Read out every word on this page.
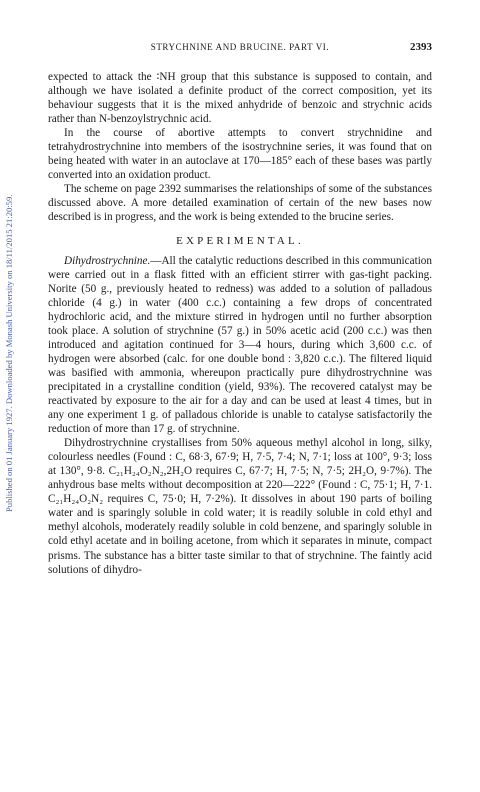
STRYCHNINE AND BRUCINE. PART VI.	2393
Published on 01 January 1927. Downloaded by Monash University on 18/11/2015 21:20:59.

expected to attack the ∶NH group that this substance is supposed to contain, and although we have isolated a definite product of the correct composition, yet its behaviour suggests that it is the mixed anhydride of benzoic and strychnic acids rather than N-benzoylstrychnic acid.

In the course of abortive attempts to convert strychnidine and tetrahydrostrychnine into members of the isostrychnine series, it was found that on being heated with water in an autoclave at 170—185° each of these bases was partly converted into an oxidation product.

The scheme on page 2392 summarises the relationships of some of the substances discussed above. A more detailed examination of certain of the new bases now described is in progress, and the work is being extended to the brucine series.

EXPERIMENTAL.

Dihydrostrychnine.—All the catalytic reductions described in this communication were carried out in a flask fitted with an efficient stirrer with gas-tight packing. Norite (50 g., previously heated to redness) was added to a solution of palladous chloride (4 g.) in water (400 c.c.) containing a few drops of concentrated hydrochloric acid, and the mixture stirred in hydrogen until no further absorption took place. A solution of strychnine (57 g.) in 50% acetic acid (200 c.c.) was then introduced and agitation continued for 3—4 hours, during which 3,600 c.c. of hydrogen were absorbed (calc. for one double bond : 3,820 c.c.). The filtered liquid was basified with ammonia, whereupon practically pure dihydrostrychnine was precipitated in a crystalline condition (yield, 93%). The recovered catalyst may be reactivated by exposure to the air for a day and can be used at least 4 times, but in any one experiment 1 g. of palladous chloride is unable to catalyse satisfactorily the reduction of more than 17 g. of strychnine.

Dihydrostrychnine crystallises from 50% aqueous methyl alcohol in long, silky, colourless needles (Found : C, 68·3, 67·9; H, 7·5, 7·4; N, 7·1; loss at 100°, 9·3; loss at 130°, 9·8. C₂₁H₂₄O₂N₂,2H₂O requires C, 67·7; H, 7·5; N, 7·5; 2H₂O, 9·7%). The anhydrous base melts without decomposition at 220—222° (Found : C, 75·1; H, 7·1. C₂₁H₂₄O₂N₂ requires C, 75·0; H, 7·2%). It dissolves in about 190 parts of boiling water and is sparingly soluble in cold water; it is readily soluble in cold ethyl and methyl alcohols, moderately readily soluble in cold benzene, and sparingly soluble in cold ethyl acetate and in boiling acetone, from which it separates in minute, compact prisms. The substance has a bitter taste similar to that of strychnine. The faintly acid solutions of dihydro-
